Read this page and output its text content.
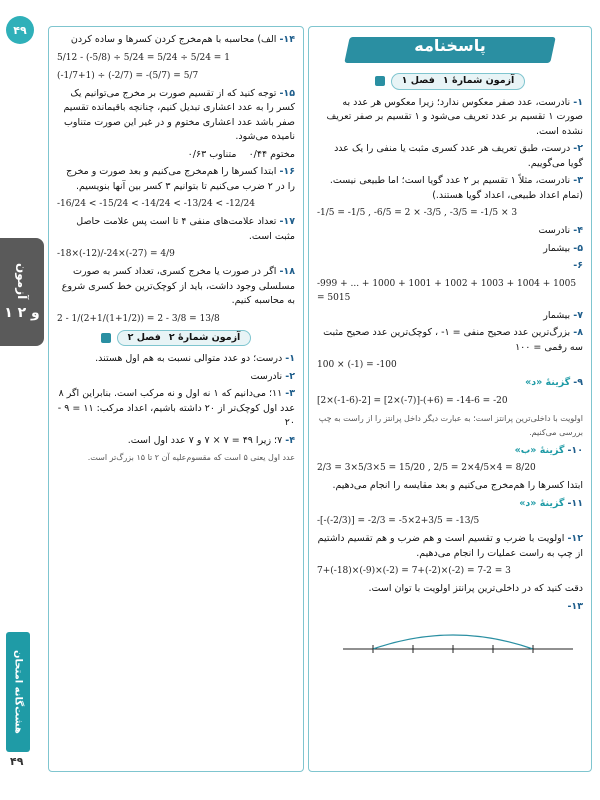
۴۹
آزمون
۱ و ۲
هشت‌گانه امتحان
۴۹
پاسخنامه
آزمون شمارهٔ ۱
فصل ۱
۱- نادرست، عدد صفر معکوس ندارد؛ زیرا معکوس هر عدد به صورت ۱ تقسیم بر عدد تعریف می‌شود و ۱ تقسیم بر صفر تعریف نشده است.
۲- درست، طبق تعریف هر عدد کسری مثبت یا منفی را یک عدد گویا می‌گوییم.
۳- نادرست، مثلاً ۱ تقسیم بر ۲ عدد گویا است؛ اما طبیعی نیست. (تمام اعداد طبیعی، اعداد گویا هستند.)
-1/5 = -1/5 , -6/5 = 2 × -3/5 , -3/5 = -1/5 × 3
۴- نادرست
۵- بیشمار
۶-
-999 + ... + 1000 + 1001 + 1002 + 1003 + 1004 + 1005 = 5015
۷- بیشمار
۸- بزرگ‌ترین عدد صحیح منفی = ۱- ، کوچک‌ترین عدد صحیح مثبت سه رقمی = ۱۰۰
100 × (-1) = -100
۹- گزینهٔ «د»
[2×(-1-6)-2] = [2×(-7)]-(+6) = -14-6 = -20
اولویت با داخلی‌ترین پرانتز است؛ به عبارت دیگر داخل پرانتز را از راست به چپ بررسی می‌کنیم.
۱۰- گزینهٔ «ب»
2/3 = 3×5/3×5 = 15/20 , 2/5 = 2×4/5×4 = 8/20
ابتدا کسرها را هم‌مخرج می‌کنیم و بعد مقایسه را انجام می‌دهیم.
۱۱- گزینهٔ «د»
-[-(-2/3)] = -2/3 = -5×2+3/5 = -13/5
۱۲- اولویت با ضرب و تقسیم است و هم ضرب و هم تقسیم داشتیم از چپ به راست عملیات را انجام می‌دهیم.
7+(-18)×(-9)×(-2) = 7+(-2)×(-2) = 7-2 = 3
دقت کنید که در داخلی‌ترین پرانتز اولویت با توان است.
۱۳-
۱۴- الف) محاسبه با هم‌مخرج کردن کسرها و ساده کردن
5/12 - (-5/8) ÷ 5/24 = 5/24 ÷ 5/24 = 1
(-1/7+1) ÷ (-2/7) = -(5/7) = 5/7
۱۵- توجه کنید که از تقسیم صورت بر مخرج می‌توانیم یک کسر را به عدد اعشاری تبدیل کنیم، چنانچه باقیمانده تقسیم صفر باشد عدد اعشاری مختوم و در غیر این صورت متناوب نامیده می‌شود.
مختوم ۰/۴۴    متناوب ۰/۶۳
۱۶- ابتدا کسرها را هم‌مخرج می‌کنیم و بعد صورت و مخرج را در ۲ ضرب می‌کنیم تا بتوانیم ۳ کسر بین آنها بنویسیم.
-16/24 < -15/24 < -14/24 < -13/24 < -12/24
۱۷- تعداد علامت‌های منفی ۴ تا است پس علامت حاصل مثبت است.
-18×(-12)/-24×(-27) = 4/9
۱۸- اگر در صورت یا مخرج کسری، تعداد کسر به صورت مسلسلی وجود داشت، باید از کوچک‌ترین خط کسری شروع به محاسبه کنیم.
2 - 1/(2+1/(1+1/2)) = 2 - 3/8 = 13/8
آزمون شمارهٔ ۲
فصل ۲
۱- درست؛ دو عدد متوالی نسبت به هم اول هستند.
۲- نادرست
۳- ۱۱؛ می‌دانیم که ۱ نه اول و نه مرکب است. بنابراین اگر ۸ عدد اول کوچک‌تر از ۲۰ داشته باشیم، اعداد مرکب: ۱۱ = ۹ - ۲۰
۴- ۷؛ زیرا ۴۹ = ۷ × ۷ و ۷ عدد اول است.
عدد اول یعنی ۵ است که مقسوم‌علیه آن ۲ تا ۱۵ بزرگ‌تر است.
